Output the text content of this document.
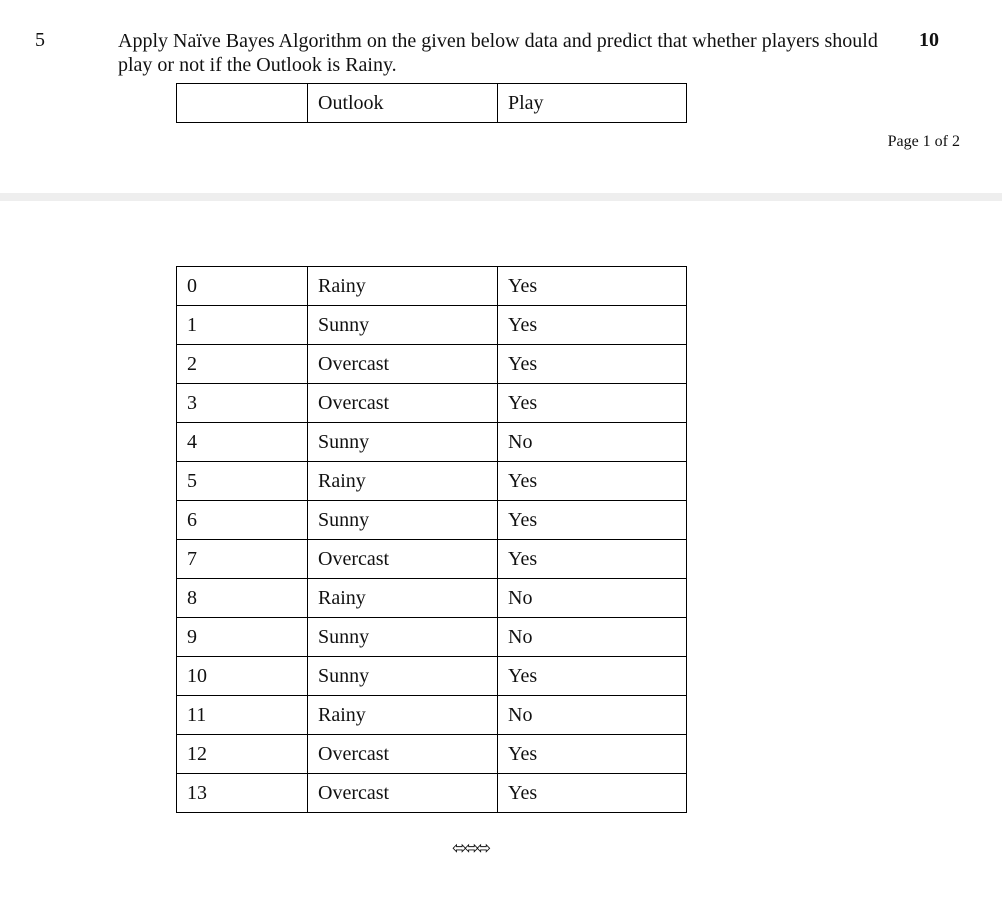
5	Apply Naïve Bayes Algorithm on the given below data and predict that whether players should play or not if the Outlook is Rainy.
10
	Outlook	Play
Page 1 of 2
0	Rainy	Yes
1	Sunny	Yes
2	Overcast	Yes
3	Overcast	Yes
4	Sunny	No
5	Rainy	Yes
6	Sunny	Yes
7	Overcast	Yes
8	Rainy	No
9	Sunny	No
10	Sunny	Yes
11	Rainy	No
12	Overcast	Yes
13	Overcast	Yes
⬄⬄⬄
